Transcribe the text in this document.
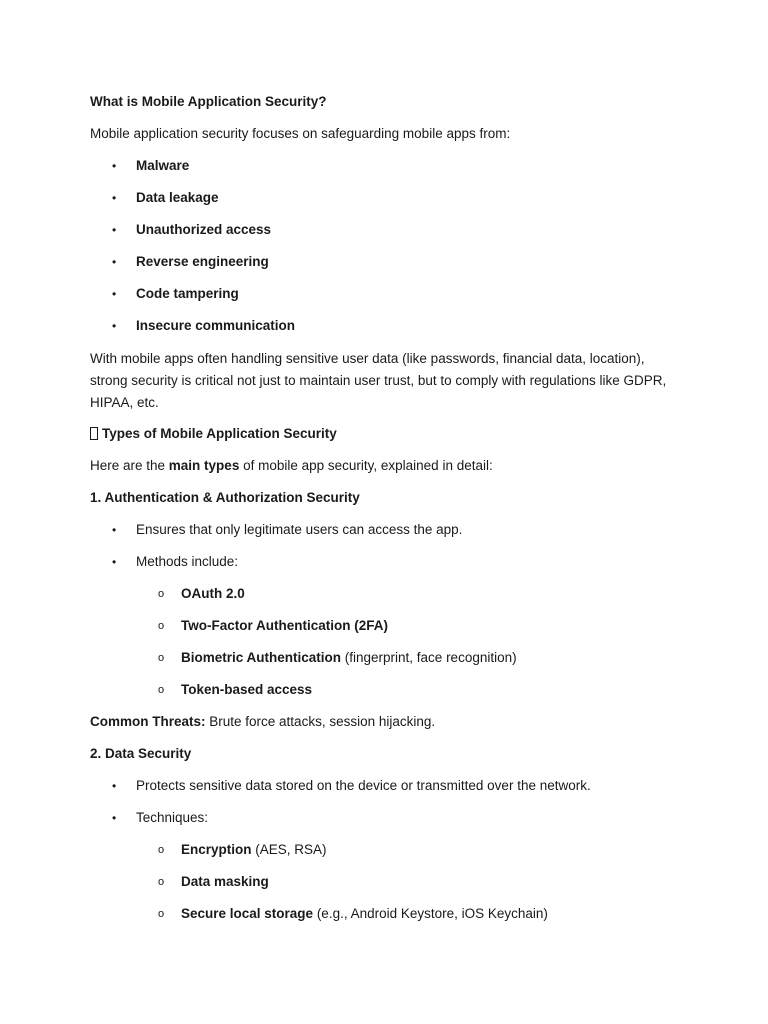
What is Mobile Application Security?
Mobile application security focuses on safeguarding mobile apps from:
•
Malware
•
Data leakage
•
Unauthorized access
•
Reverse engineering
•
Code tampering
•
Insecure communication
With mobile apps often handling sensitive user data (like passwords, financial data, location), strong security is critical not just to maintain user trust, but to comply with regulations like GDPR, HIPAA, etc.
Types of Mobile Application Security
Here are the main types of mobile app security, explained in detail:
1. Authentication & Authorization Security
•
Ensures that only legitimate users can access the app.
•
Methods include:
o
OAuth 2.0
o
Two-Factor Authentication (2FA)
o
Biometric Authentication (fingerprint, face recognition)
o
Token-based access
Common Threats: Brute force attacks, session hijacking.
2. Data Security
•
Protects sensitive data stored on the device or transmitted over the network.
•
Techniques:
o
Encryption (AES, RSA)
o
Data masking
o
Secure local storage (e.g., Android Keystore, iOS Keychain)
